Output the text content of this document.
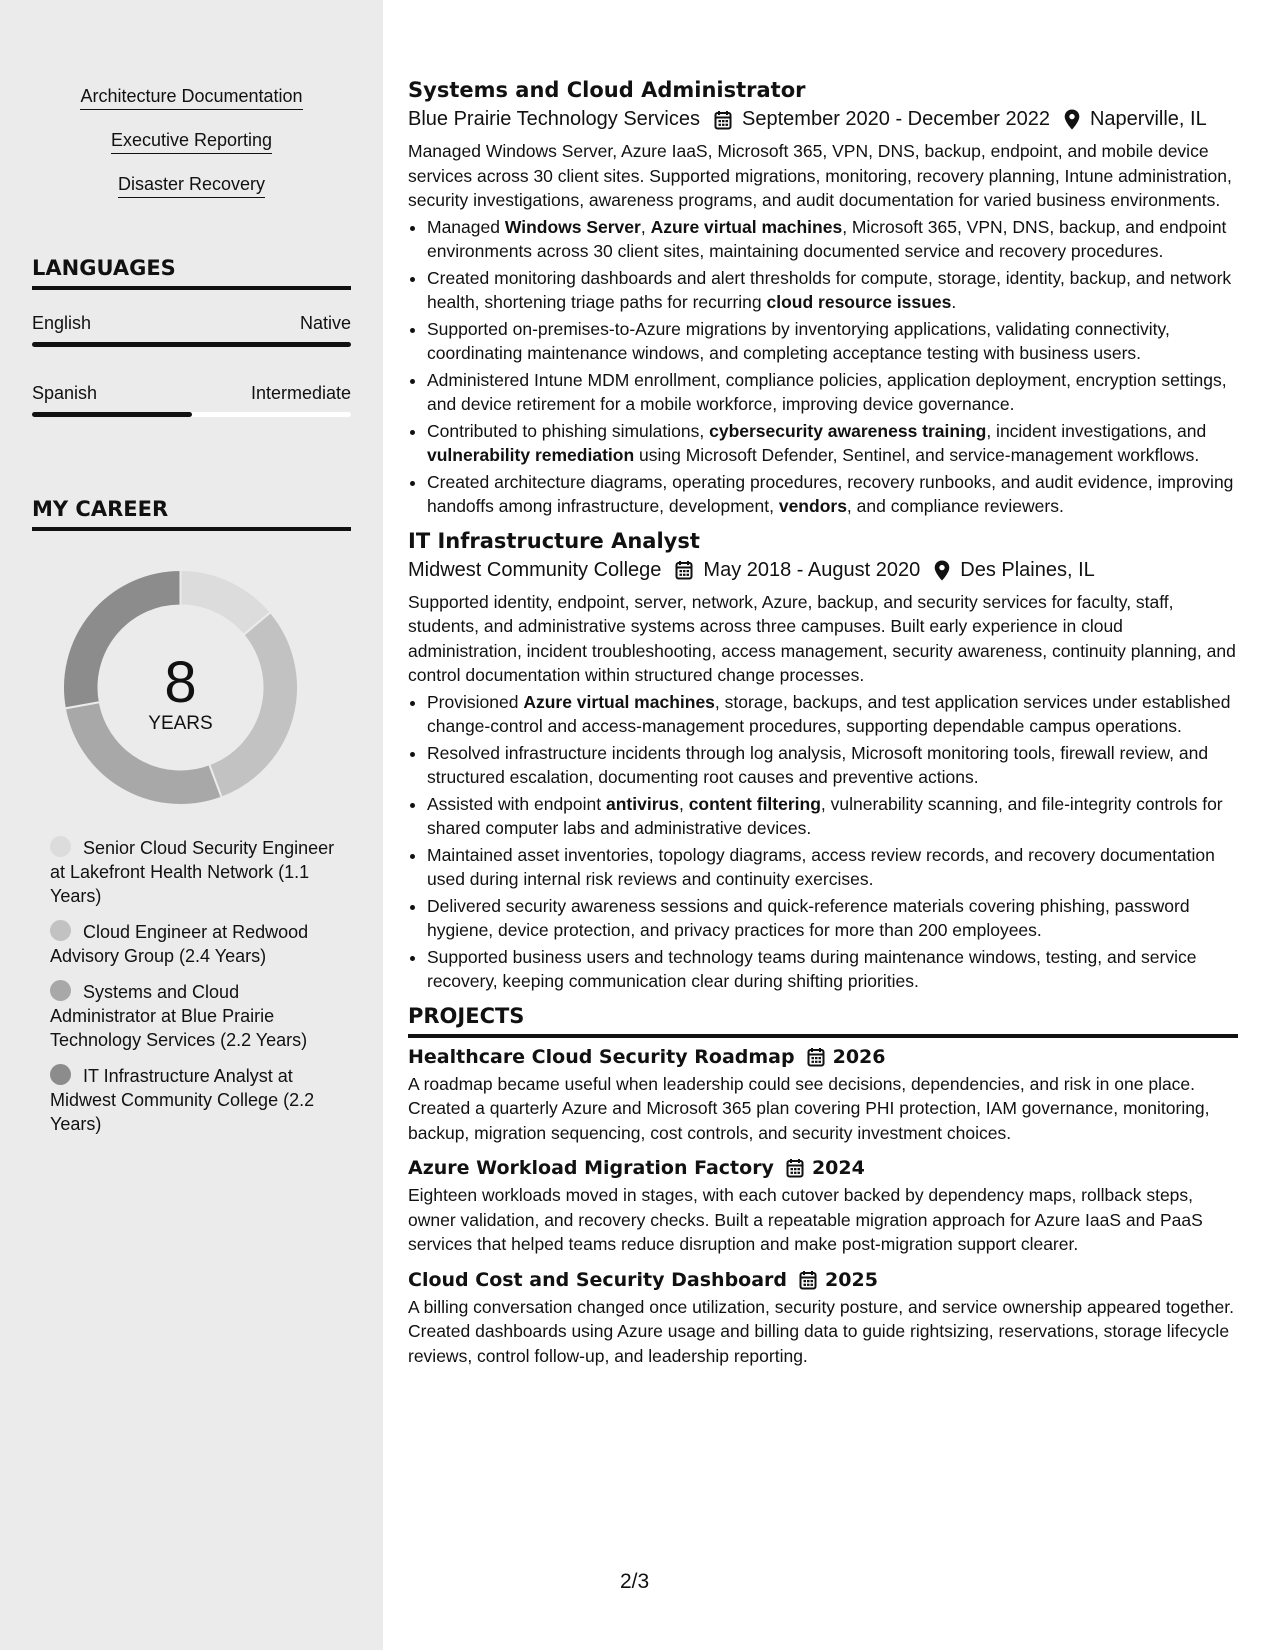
Architecture Documentation
Executive Reporting
Disaster Recovery
LANGUAGES
English	Native
Spanish	Intermediate
MY CAREER
8
YEARS
Senior Cloud Security Engineer at Lakefront Health Network (1.1 Years)
Cloud Engineer at Redwood Advisory Group (2.4 Years)
Systems and Cloud Administrator at Blue Prairie Technology Services (2.2 Years)
IT Infrastructure Analyst at Midwest Community College (2.2 Years)
Systems and Cloud Administrator
Blue Prairie Technology Services September 2020 - December 2022 Naperville, IL

Managed Windows Server, Azure IaaS, Microsoft 365, VPN, DNS, backup, endpoint, and mobile device services across 30 client sites. Supported migrations, monitoring, recovery planning, Intune administration, security investigations, awareness programs, and audit documentation for varied business environments.

• Managed Windows Server, Azure virtual machines, Microsoft 365, VPN, DNS, backup, and endpoint environments across 30 client sites, maintaining documented service and recovery procedures.
• Created monitoring dashboards and alert thresholds for compute, storage, identity, backup, and network health, shortening triage paths for recurring cloud resource issues.
• Supported on-premises-to-Azure migrations by inventorying applications, validating connectivity, coordinating maintenance windows, and completing acceptance testing with business users.
• Administered Intune MDM enrollment, compliance policies, application deployment, encryption settings, and device retirement for a mobile workforce, improving device governance.
• Contributed to phishing simulations, cybersecurity awareness training, incident investigations, and vulnerability remediation using Microsoft Defender, Sentinel, and service-management workflows.
• Created architecture diagrams, operating procedures, recovery runbooks, and audit evidence, improving handoffs among infrastructure, development, vendors, and compliance reviewers.
IT Infrastructure Analyst
Midwest Community College May 2018 - August 2020 Des Plaines, IL

Supported identity, endpoint, server, network, Azure, backup, and security services for faculty, staff, students, and administrative systems across three campuses. Built early experience in cloud administration, incident troubleshooting, access management, security awareness, continuity planning, and control documentation within structured change processes.

• Provisioned Azure virtual machines, storage, backups, and test application services under established change-control and access-management procedures, supporting dependable campus operations.
• Resolved infrastructure incidents through log analysis, Microsoft monitoring tools, firewall review, and structured escalation, documenting root causes and preventive actions.
• Assisted with endpoint antivirus, content filtering, vulnerability scanning, and file-integrity controls for shared computer labs and administrative devices.
• Maintained asset inventories, topology diagrams, access review records, and recovery documentation used during internal risk reviews and continuity exercises.
• Delivered security awareness sessions and quick-reference materials covering phishing, password hygiene, device protection, and privacy practices for more than 200 employees.
• Supported business users and technology teams during maintenance windows, testing, and service recovery, keeping communication clear during shifting priorities.
PROJECTS
Healthcare Cloud Security Roadmap 2026

A roadmap became useful when leadership could see decisions, dependencies, and risk in one place. Created a quarterly Azure and Microsoft 365 plan covering PHI protection, IAM governance, monitoring, backup, migration sequencing, cost controls, and security investment choices.

Azure Workload Migration Factory 2024

Eighteen workloads moved in stages, with each cutover backed by dependency maps, rollback steps, owner validation, and recovery checks. Built a repeatable migration approach for Azure IaaS and PaaS services that helped teams reduce disruption and make post-migration support clearer.

Cloud Cost and Security Dashboard 2025

A billing conversation changed once utilization, security posture, and service ownership appeared together. Created dashboards using Azure usage and billing data to guide rightsizing, reservations, storage lifecycle reviews, control follow-up, and leadership reporting.

2/3
